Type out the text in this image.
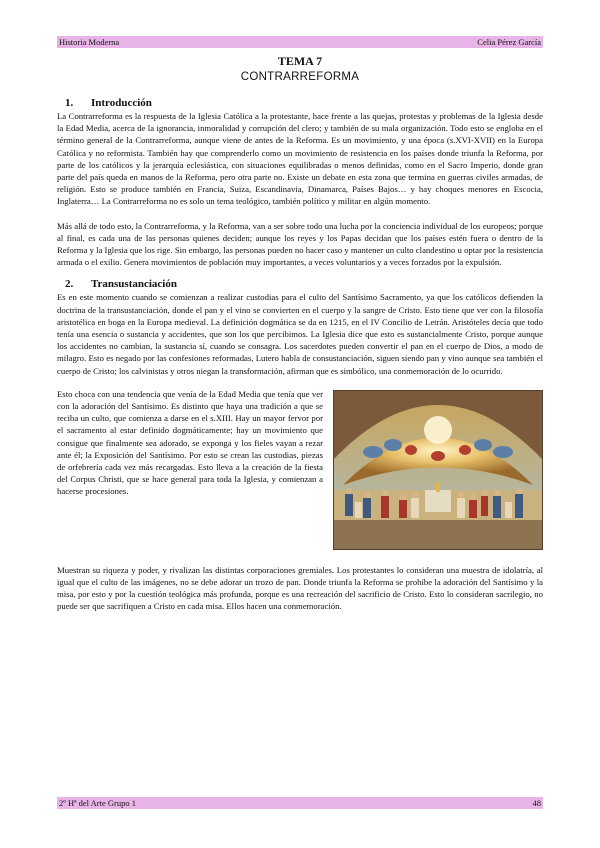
Historia Moderna	Celia Pérez García

TEMA 7

CONTRARREFORMA

1. Introducción

La Contrarreforma es la respuesta de la Iglesia Católica a la protestante, hace frente a las quejas, protestas y problemas de la Iglesia desde la Edad Media, acerca de la ignorancia, inmoralidad y corrupción del clero; y también de su mala organización. Todo esto se engloba en el término general de la Contrarreforma, aunque viene de antes de la Reforma. Es un movimiento, y una época (s.XVI-XVII) en la Europa Católica y no reformista. También hay que comprenderlo como un movimiento de resistencia en los países donde triunfa la Reforma, por parte de los católicos y la jerarquía eclesiástica, con situaciones equilibradas o menos definidas, como en el Sacro Imperio, donde gran parte del país queda en manos de la Reforma, pero otra parte no. Existe un debate en esta zona que termina en guerras civiles armadas, de religión. Esto se produce también en Francia, Suiza, Escandinavia, Dinamarca, Países Bajos… y hay choques menores en Escocia, Inglaterra… La Contrarreforma no es solo un tema teológico, también político y militar en algún momento.

Más allá de todo esto, la Contrarreforma, y la Reforma, van a ser sobre todo una lucha por la conciencia individual de los europeos; porque al final, es cada una de las personas quienes deciden; aunque los reyes y los Papas decidan que los países estén fuera o dentro de la Reforma y la Iglesia que los rige. Sin embargo, las personas pueden no hacer caso y mantener un culto clandestino u optar por la resistencia armada o el exilio. Genera movimientos de población muy importantes, a veces voluntarios y a veces forzados por la expulsión.

2. Transustanciación

Es en este momento cuando se comienzan a realizar custodias para el culto del Santísimo Sacramento, ya que los católicos defienden la doctrina de la transustanciación, donde el pan y el vino se convierten en el cuerpo y la sangre de Cristo. Esto tiene que ver con la filosofía aristotélica en boga en la Europa medieval. La definición dogmática se da en 1215, en el IV Concilio de Letrán. Aristóteles decía que todo tenía una esencia o sustancia y accidentes, que son los que percibimos. La Iglesia dice que esto es sustancialmente Cristo, porque aunque los accidentes no cambian, la sustancia sí, cuando se consagra. Los sacerdotes pueden convertir el pan en el cuerpo de Dios, a modo de milagro. Esto es negado por las confesiones reformadas, Lutero habla de consustanciación, siguen siendo pan y vino aunque sea también el cuerpo de Cristo; los calvinistas y otros niegan la transformación, afirman que es simbólico, una conmemoración de lo ocurrido.

Esto choca con una tendencia que venía de la Edad Media que tenía que ver con la adoración del Santísimo. Es distinto que haya una tradición a que se reciba un culto, que comienza a darse en el s.XIII. Hay un mayor fervor por el sacramento al estar definido dogmáticamente; hay un movimiento que consigue que finalmente sea adorado, se exponga y los fieles vayan a rezar ante él; la Exposición del Santísimo. Por esto se crean las custodias, piezas de orfebrería cada vez más recargadas. Esto lleva a la creación de la fiesta del Corpus Christi, que se hace general para toda la Iglesia, y comienzan a hacerse procesiones.

Muestran su riqueza y poder, y rivalizan las distintas corporaciones gremiales. Los protestantes lo consideran una muestra de idolatría, al igual que el culto de las imágenes, no se debe adorar un trozo de pan. Donde triunfa la Reforma se prohíbe la adoración del Santísimo y la misa, por esto y por la cuestión teológica más profunda, porque es una recreación del sacrificio de Cristo. Esto lo consideran sacrilegio, no puede ser que sacrifiquen a Cristo en cada misa. Ellos hacen una conmemoración.

2º Hª del Arte Grupo 1	48
